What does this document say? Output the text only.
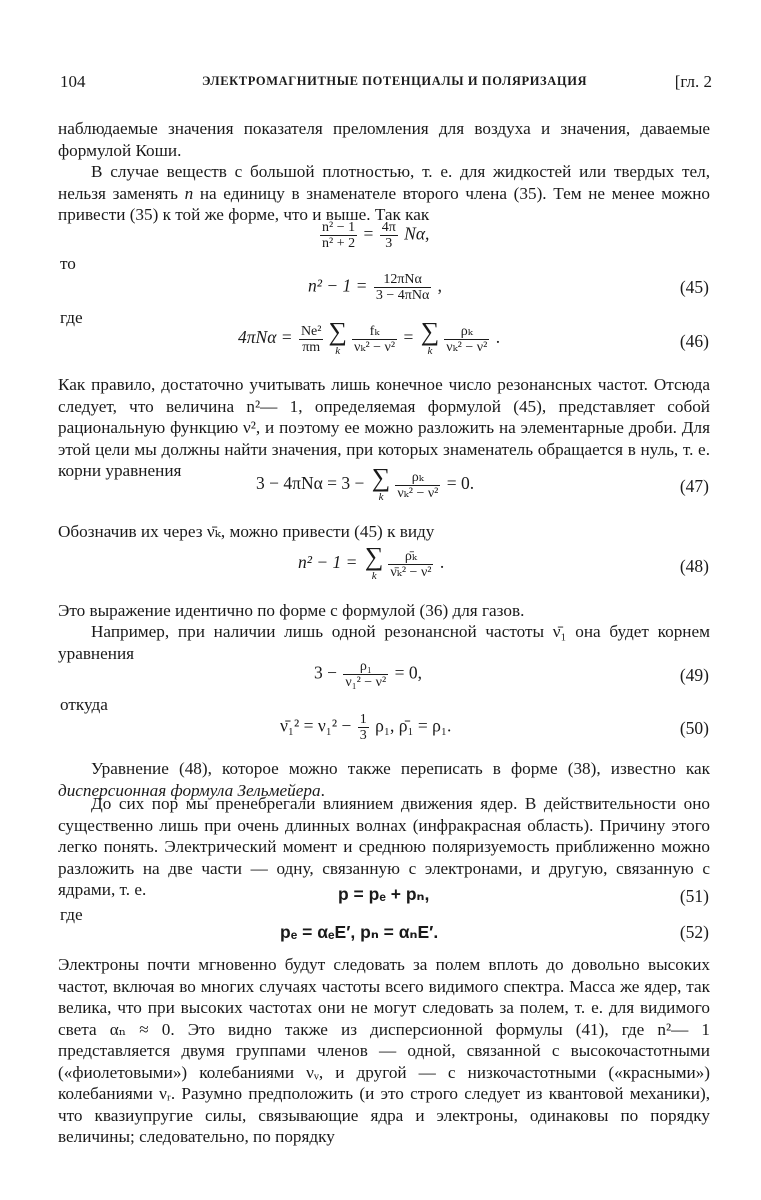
104	ЭЛЕКТРОМАГНИТНЫЕ ПОТЕНЦИАЛЫ И ПОЛЯРИЗАЦИЯ	[гл. 2
наблюдаемые значения показателя преломления для воздуха и значения, даваемые формулой Коши.
В случае веществ с большой плотностью, т. е. для жидкостей или твердых тел, нельзя заменять n на единицу в знаменателе второго члена (35). Тем не менее можно привести (35) к той же форме, что и выше. Так как
$\frac{\text{n² − 1}}{\text{n² + 2}} = \frac{4\pi}{3} N\alpha$,
то
$n^2 - 1 = \frac{\text{12πNα}}{\text{3 − 4πNα}}$ ,	(45)
где
$4\pi N\alpha = \frac{\text{Ne²}}{\pi m}$ ∑
k $\frac{\text{fₖ}}{\text{νₖ² − ν²}}$ = ∑
k $\frac{\text{ρₖ}}{\text{νₖ² − ν²}}$ .	(46)
Как правило, достаточно учитывать лишь конечное число резонансных частот. Отсюда следует, что величина n²— 1, определяемая формулой (45), представляет собой рациональную функцию ν², и поэтому ее можно разложить на элементарные дроби. Для этой цели мы должны найти значения, при которых знаменатель обращается в нуль, т. е. корни уравнения
3 − 4πNα = 3 − ∑
k $\frac{\text{ρₖ}}{\text{νₖ² − ν²}} = 0$.	(47)
Обозначив их через ν̄ₖ, можно привести (45) к виду
n² − 1 = ∑
k $\frac{\text{ρ̄ₖ}}{\text{ν̄ₖ² − ν²}}$ .	(48)
Это выражение идентично по форме с формулой (36) для газов.
Например, при наличии лишь одной резонансной частоты ν̄₁ она будет корнем уравнения
$3 - \frac{\text{ρ₁}}{\text{ν₁² − ν²}} = 0$,	(49)
откуда
ν̄₁² = $\nu_1^2 - \frac{1}{3} \rho_1$, ρ̄₁ = ρ₁.	(50)
Уравнение (48), которое можно также переписать в форме (38), известно как дисперсионная формула Зельмейера.
До сих пор мы пренебрегали влиянием движения ядер. В действительности оно существенно лишь при очень длинных волнах (инфракрасная область). Причину этого легко понять. Электрический момент и среднюю поляризуемость приближенно можно разложить на две части — одну, связанную с электронами, и другую, связанную с ядрами, т. е.	p = pₑ + pₙ,	(51)
где
pₑ = αₑE′, pₙ = αₙE′.	(52)
Электроны почти мгновенно будут следовать за полем вплоть до довольно высоких частот, включая во многих случаях частоты всего видимого спектра. Масса же ядер, так велика, что при высоких частотах они не могут следовать за полем, т. е. для видимого света αₙ ≈ 0. Это видно также из дисперсионной формулы (41), где n²— 1 представляется двумя группами членов — одной, связанной с высокочастотными («фиолетовыми») колебаниями νᵥ, и другой — с низкочастотными («красными») колебаниями νᵣ. Разумно предположить (и это строго следует из квантовой механики), что квазиупругие силы, связывающие ядра и электроны, одинаковы по порядку величины; следовательно, по порядку
